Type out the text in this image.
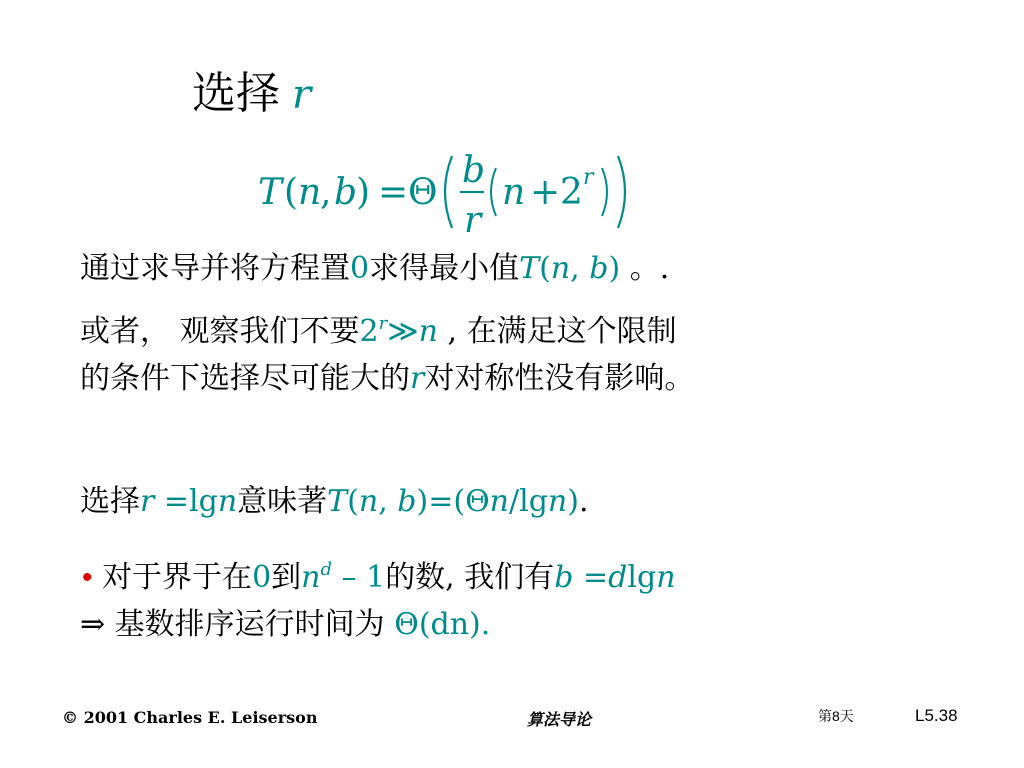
选择 r
T ( n
, b
) = Θ
b
r
n + 2 r
通过求导并将方程置0求得最小值T(n, b) 。.
或者， 观察我们不要2$^r$≫n , 在满足这个限制
的条件下选择尽可能大的r对对称性没有影响。
选择r =lgn意味著T(n, b)=(Θn/lgn).
• 对于界于在0到$n^d - 1$的数, 我们有b =dlgn
⇒ 基数排序运行时间为 Θ(dn).
© 2001 Charles E. Leiserson	算法导论	第8天	L5.38
